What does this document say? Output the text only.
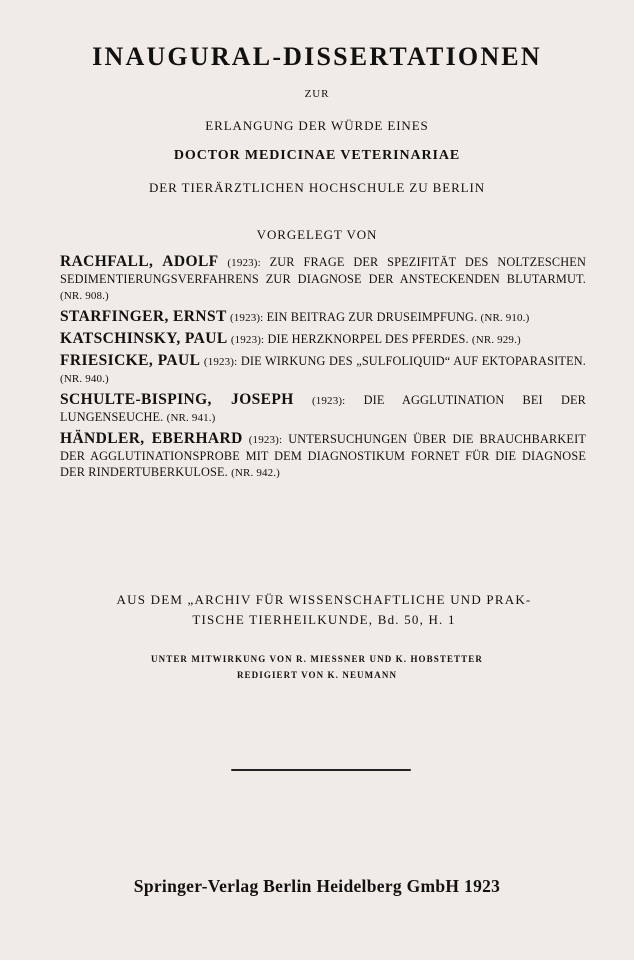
INAUGURAL-DISSERTATIONEN
ZUR
ERLANGUNG DER WÜRDE EINES
DOCTOR MEDICINAE VETERINARIAE
DER TIERÄRZTLICHEN HOCHSCHULE ZU BERLIN
VORGELEGT VON
RACHFALL, ADOLF (1923): ZUR FRAGE DER SPEZIFITÄT DES NOLTZESCHEN SEDIMENTIERUNGSVERFAHRENS ZUR DIAGNOSE DER ANSTECKENDEN BLUTARMUT. (NR. 908.)
STARFINGER, ERNST (1923): EIN BEITRAG ZUR DRUSEIMPFUNG. (NR. 910.)
KATSCHINSKY, PAUL (1923): DIE HERZKNORPEL DES PFERDES. (NR. 929.)
FRIESICKE, PAUL (1923): DIE WIRKUNG DES „SULFOLIQUID“ AUF EKTOPARASITEN. (NR. 940.)
SCHULTE-BISPING, JOSEPH (1923): DIE AGGLUTINATION BEI DER LUNGENSEUCHE. (NR. 941.)
HÄNDLER, EBERHARD (1923): UNTERSUCHUNGEN ÜBER DIE BRAUCHBARKEIT DER AGGLUTINATIONSPROBE MIT DEM DIAGNOSTIKUM FORNET FÜR DIE DIAGNOSE DER RINDERTUBERKULOSE. (NR. 942.)
AUS DEM „ARCHIV FÜR WISSENSCHAFTLICHE UND PRAK-
TISCHE TIERHEILKUNDE, Bd. 50, H. 1
UNTER MITWIRKUNG VON R. MIESSNER UND K. HOBSTETTER
REDIGIERT VON K. NEUMANN
Springer-Verlag Berlin Heidelberg GmbH 1923
